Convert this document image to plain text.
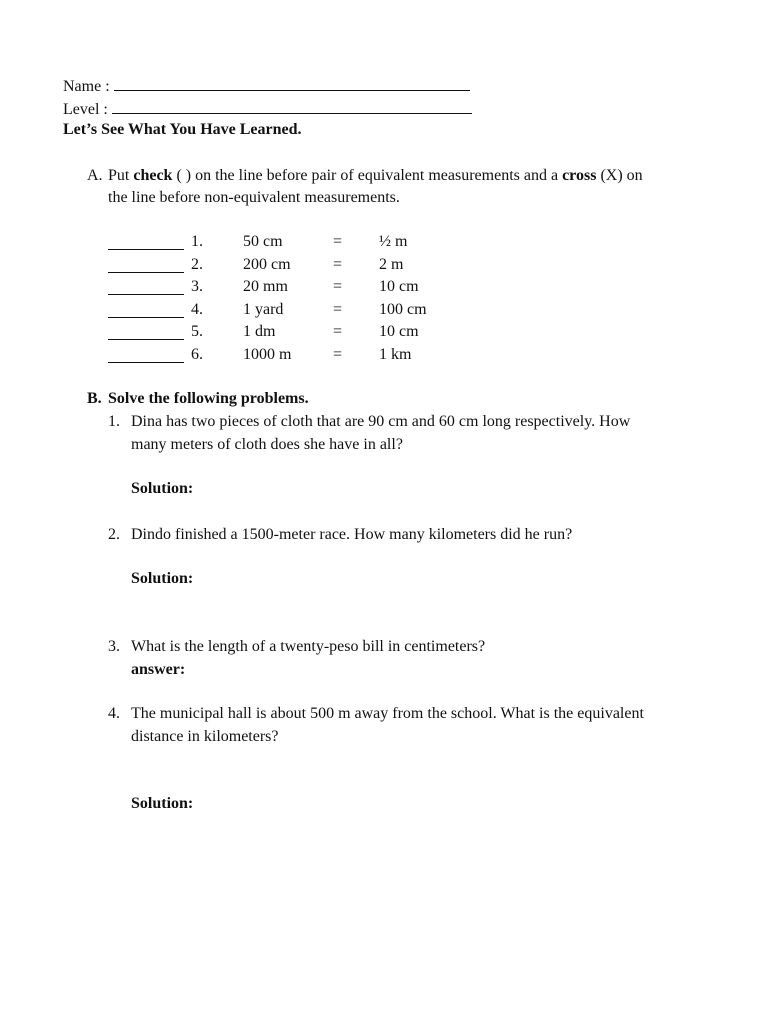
Name :
Level :
Let’s See What You Have Learned.
A. Put check ( ) on the line before pair of equivalent measurements and a cross (X) on
the line before non-equivalent measurements.
1.	50 cm	= ½ m
2.	200 cm	= 2 m
3.	20 mm	= 10 cm
4.	1 yard	= 100 cm
5.	1 dm	= 10 cm
6.	1000 m	= 1 km
B. Solve the following problems.
1. Dina has two pieces of cloth that are 90 cm and 60 cm long respectively. How
many meters of cloth does she have in all?
Solution:
2. Dindo finished a 1500-meter race. How many kilometers did he run?
Solution:
3. What is the length of a twenty-peso bill in centimeters?
answer:
4. The municipal hall is about 500 m away from the school. What is the equivalent
distance in kilometers?
Solution:
